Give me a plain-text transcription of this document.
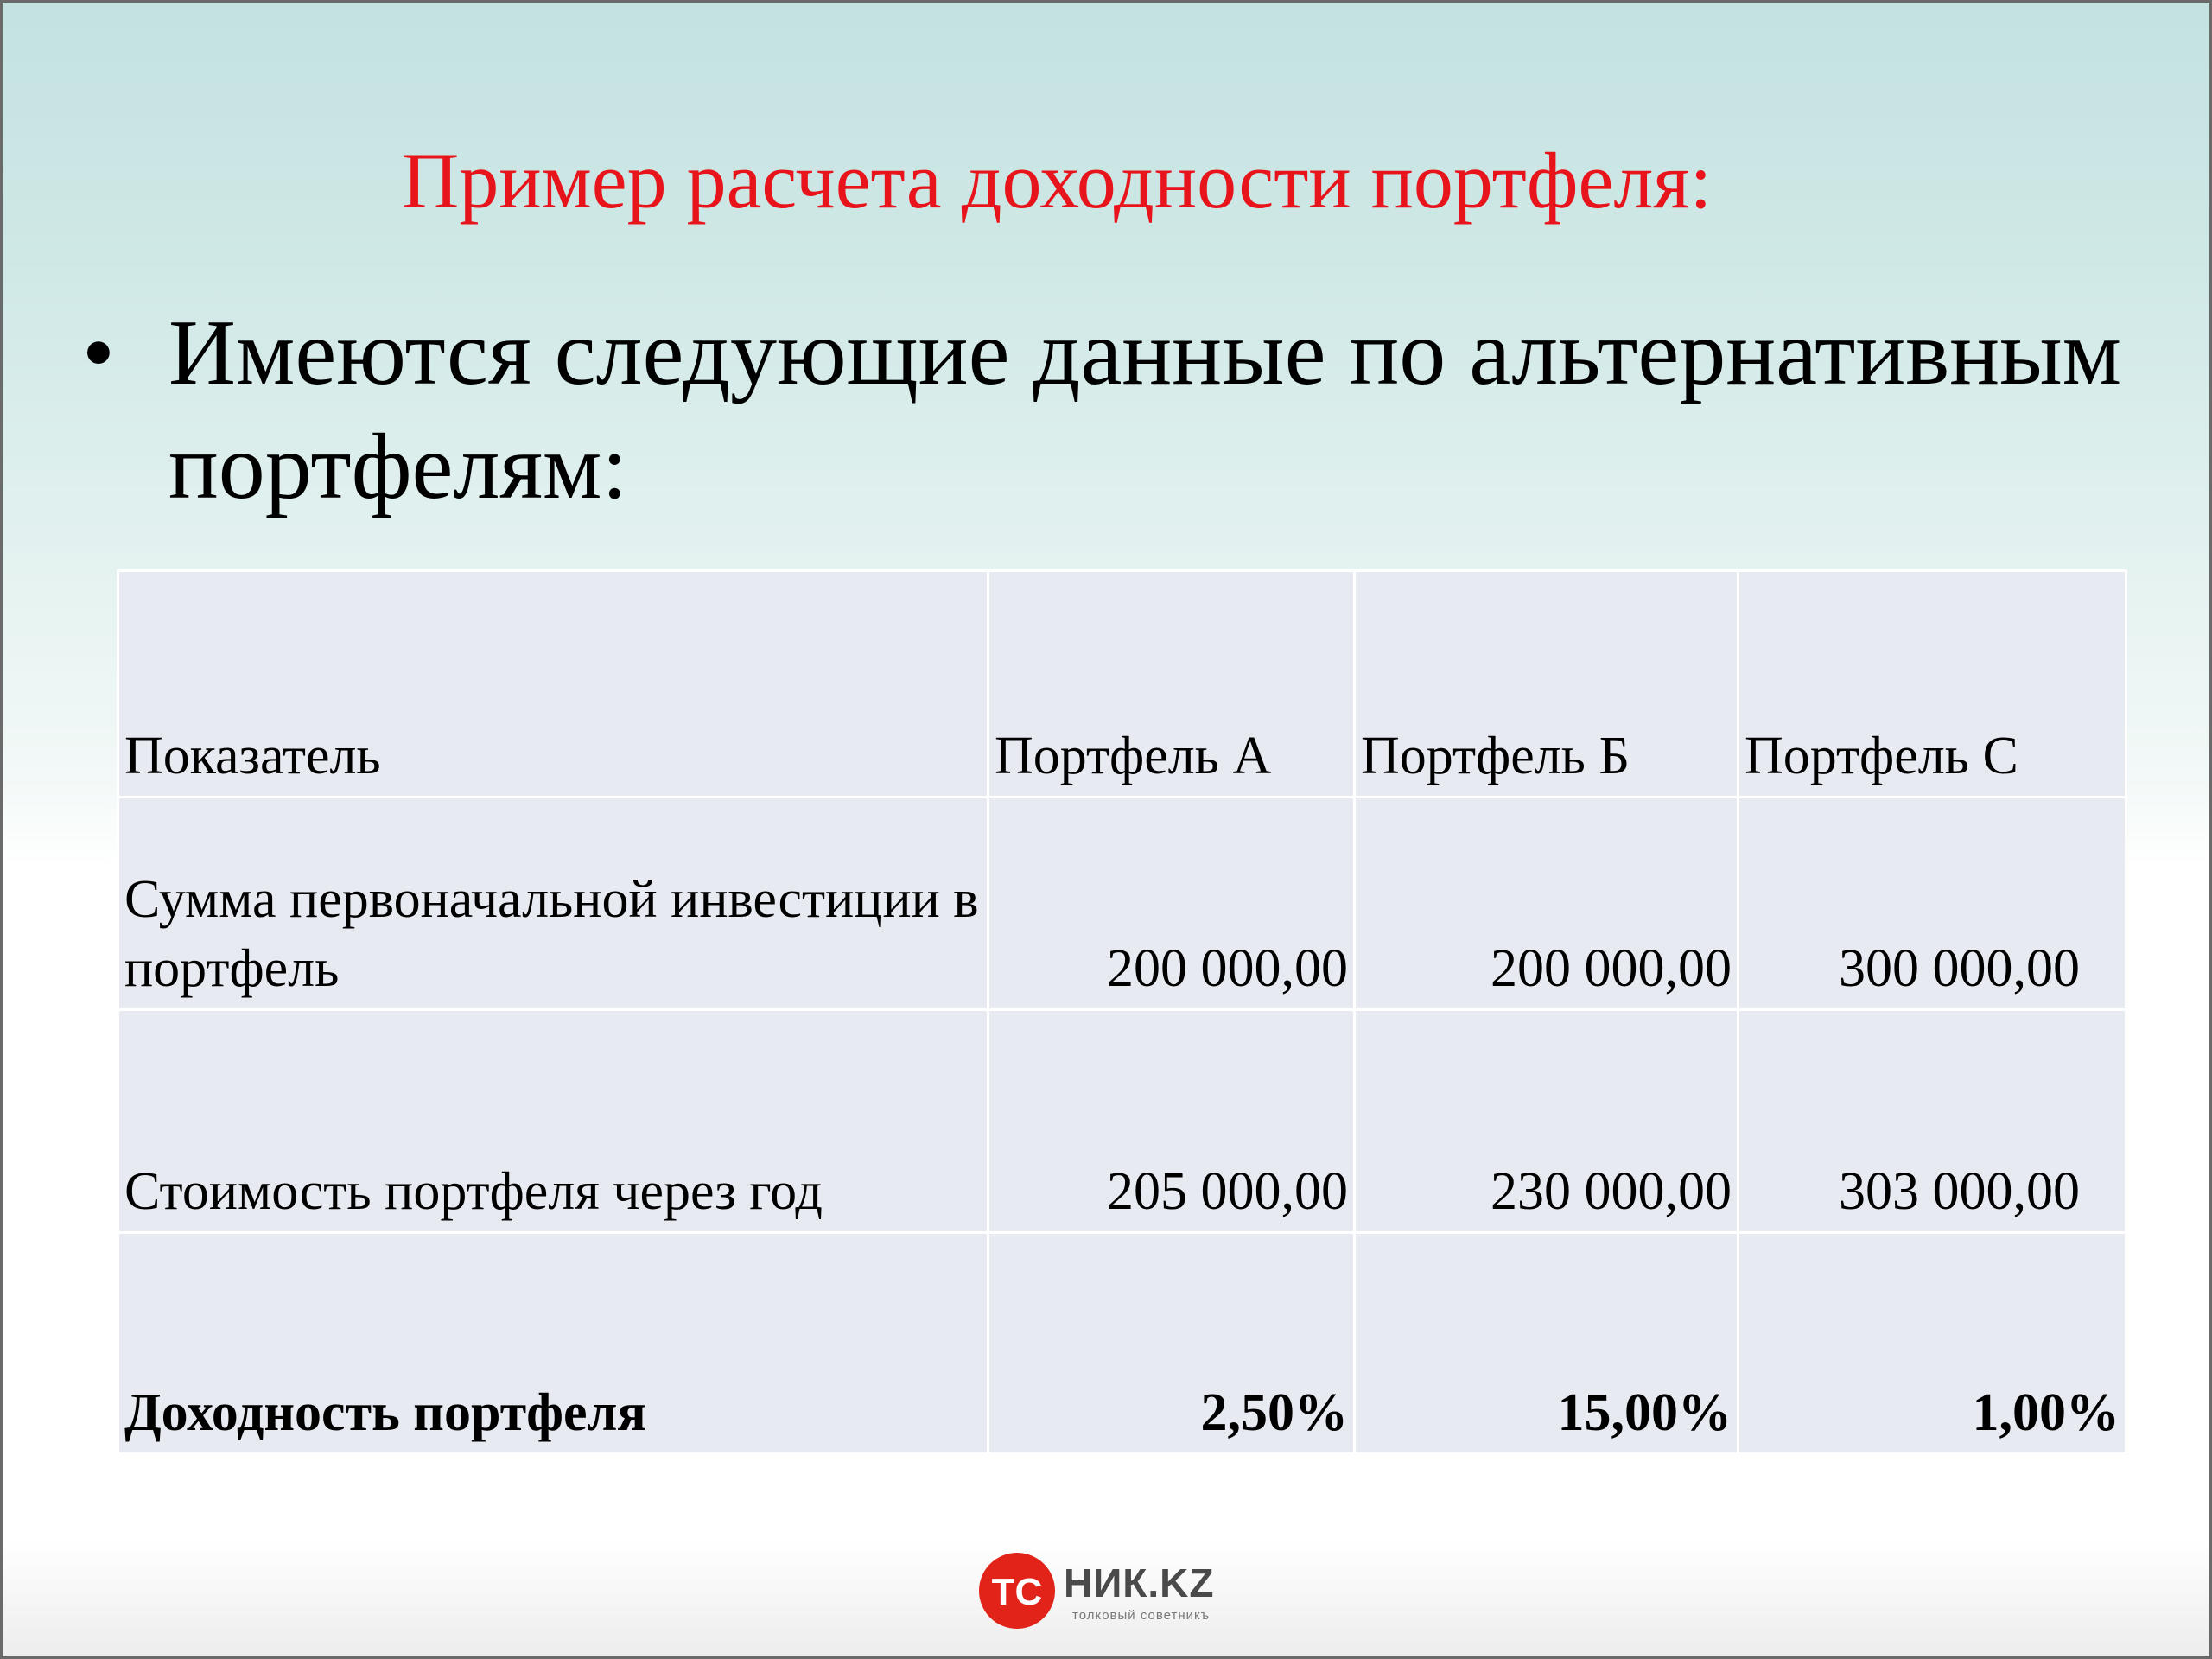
Пример расчета доходности портфеля:
• Имеются следующие данные по альтернативным портфелям:
Показатель	Портфель А	Портфель Б	Портфель С
Сумма первоначальной инвестиции в портфель	200 000,00	200 000,00	300 000,00
Стоимость портфеля через год	205 000,00	230 000,00	303 000,00
Доходность портфеля	2,50%	15,00%	1,00%
ТС НИК.KZ
толковый советникъ
